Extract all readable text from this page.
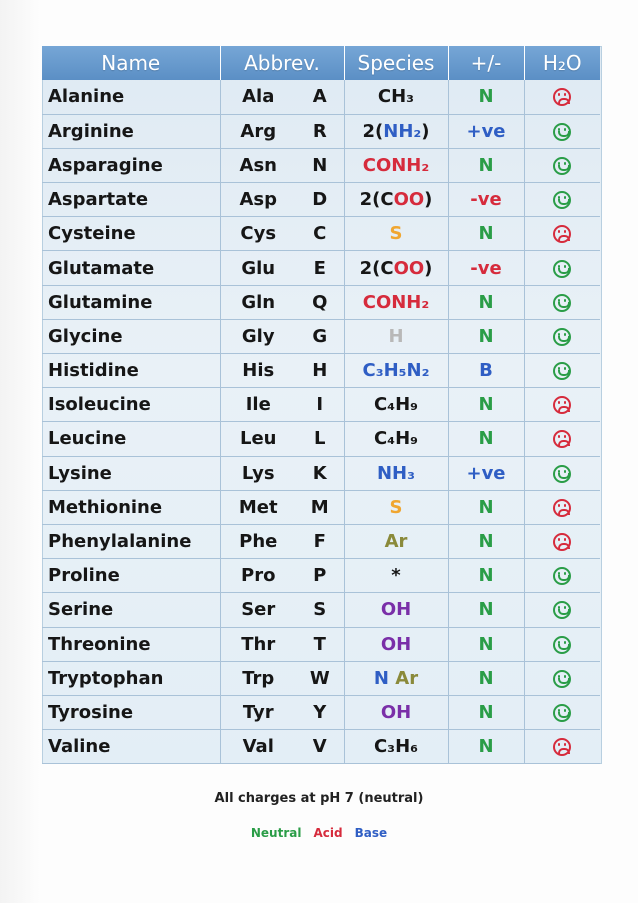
Name	Abbrev.		Species	+/-	H₂O
Alanine	Ala	A	CH₃	N	

Arginine	Arg	R	2(NH₂)	+ve	

Asparagine	Asn	N	CONH₂	N	

Aspartate	Asp	D	2(COO)	-ve	

Cysteine	Cys	C	S	N	

Glutamate	Glu	E	2(COO)	-ve	

Glutamine	Gln	Q	CONH₂	N	

Glycine	Gly	G	H	N	

Histidine	His	H	C₃H₅N₂	B	

Isoleucine	Ile	I	C₄H₉	N	

Leucine	Leu	L	C₄H₉	N	

Lysine	Lys	K	NH₃	+ve	

Methionine	Met	M	S	N	

Phenylalanine	Phe	F	Ar	N	

Proline	Pro	P	*	N	

Serine	Ser	S	OH	N	

Threonine	Thr	T	OH	N	

Tryptophan	Trp	W	N Ar	N	

Tyrosine	Tyr	Y	OH	N	

Valine	Val	V	C₃H₆	N	
All charges at pH 7 (neutral)
Neutral Acid Base
